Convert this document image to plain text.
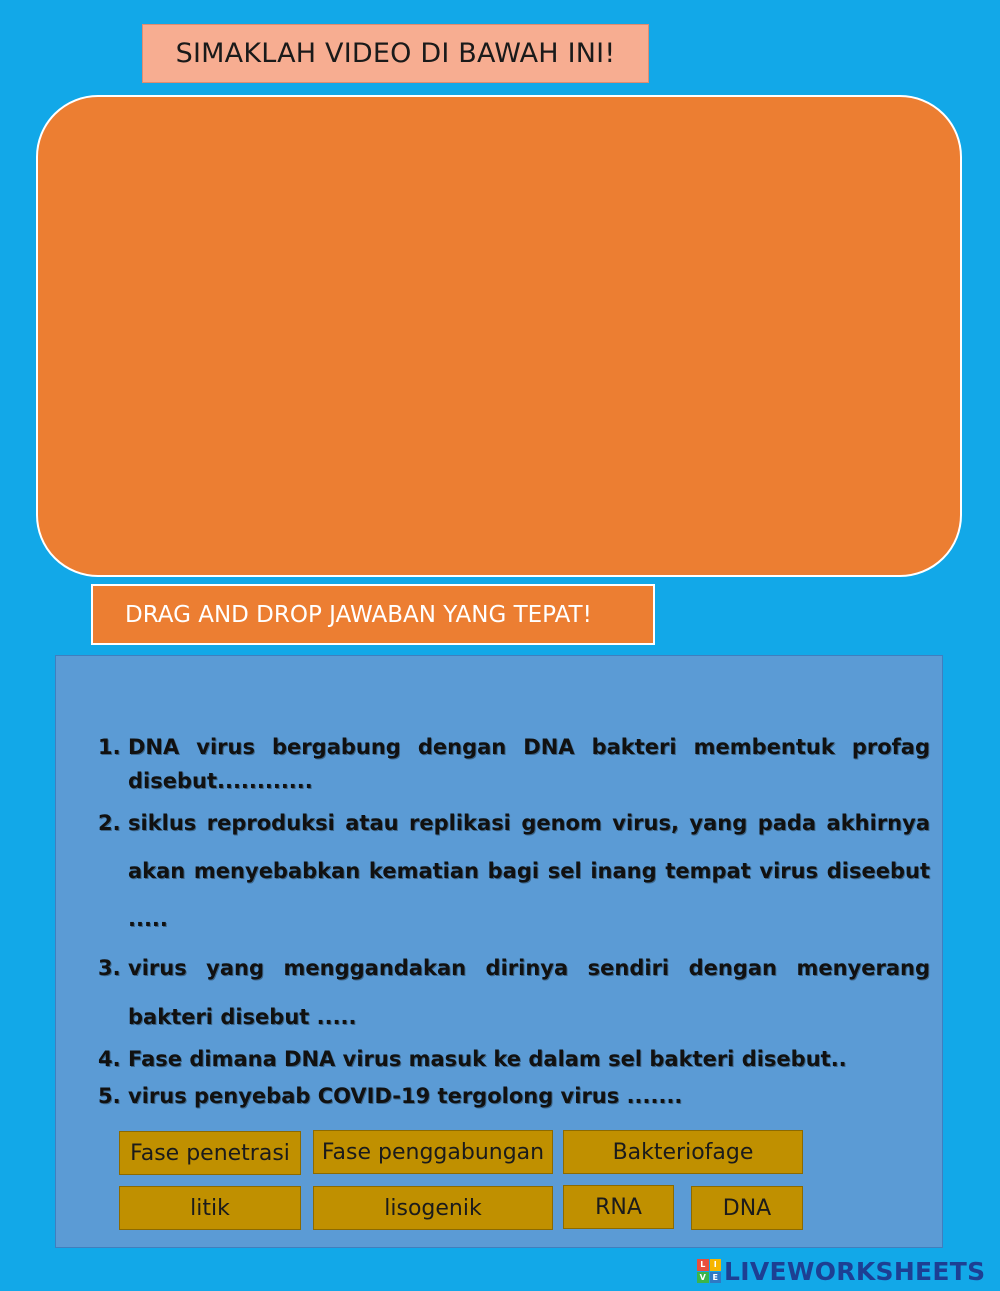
SIMAKLAH VIDEO DI BAWAH INI!
DRAG AND DROP JAWABAN YANG TEPAT!
1. DNA virus bergabung dengan DNA bakteri membentuk profag disebut............
2. siklus reproduksi atau replikasi genom virus, yang pada akhirnya akan menyebabkan kematian bagi sel inang tempat virus diseebut .....
3. virus yang menggandakan dirinya sendiri dengan menyerang bakteri disebut .....
4. Fase dimana DNA virus masuk ke dalam sel bakteri disebut..
5. virus penyebab COVID-19 tergolong virus .......
Fase penetrasi	Fase penggabungan	Bakteriofage
litik	lisogenik	RNA	DNA
L	I
V E LIVEWORKSHEETS
